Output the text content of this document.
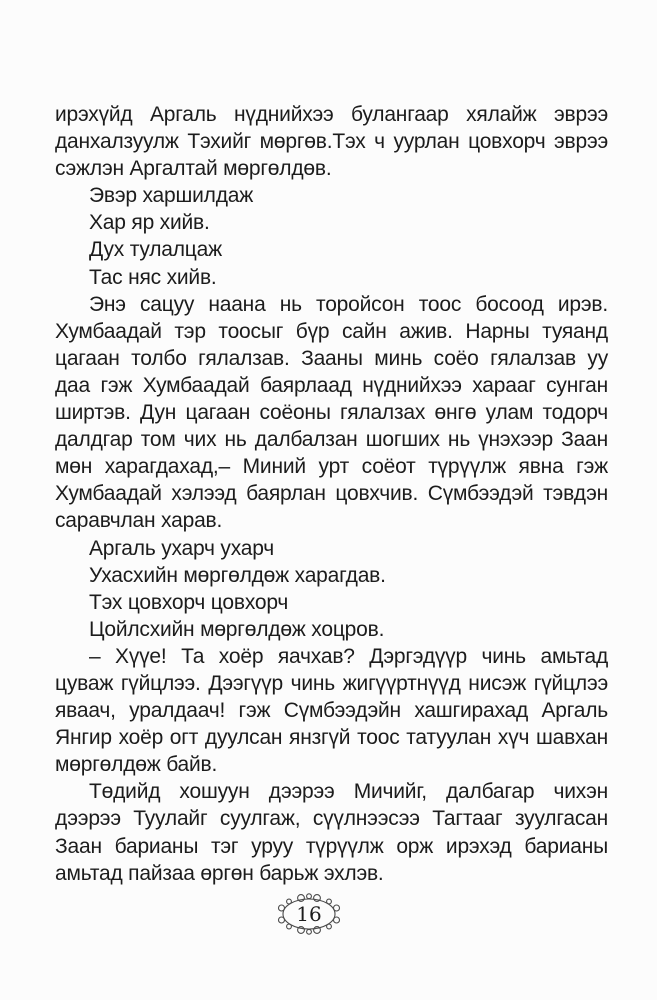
ирэхүйд Аргаль нүднийхээ булангаар хялайж эврээ
данхалзуулж Тэхийг мөргөв.Тэх ч уурлан цовхорч эврээ
сэжлэн Аргалтай мөргөлдөв.
Эвэр харшилдаж
Хар яр хийв.
Дух тулалцаж
Тас няс хийв.
Энэ сацуу наана нь торойсон тоос босоод ирэв.
Хумбаадай тэр тоосыг бүр сайн ажив. Нарны туяанд
цагаан толбо гялалзав. Зааны минь соёо гялалзав уу
даа гэж Хумбаадай баярлаад нүднийхээ харааг сунган
ширтэв. Дун цагаан соёоны гялалзах өнгө улам тодорч
далдгар том чих нь далбалзан шогших нь үнэхээр Заан
мөн харагдахад,– Миний урт соёот түрүүлж явна гэж
Хумбаадай хэлээд баярлан цовхчив. Сүмбээдэй тэвдэн
саравчлан харав.
Аргаль ухарч ухарч
Ухасхийн мөргөлдөж харагдав.
Тэх цовхорч цовхорч
Цойлсхийн мөргөлдөж хоцров.
– Хүүе! Та хоёр яачхав? Дэргэдүүр чинь амьтад
цуваж гүйцлээ. Дээгүүр чинь жигүүртнүүд нисэж гүйцлээ
яваач, уралдаач! гэж Сүмбээдэйн хашгирахад Аргаль
Янгир хоёр огт дуулсан янзгүй тоос татуулан хүч шавхан
мөргөлдөж байв.
Төдийд хошуун дээрээ Мичийг, далбагар чихэн
дээрээ Туулайг суулгаж, сүүлнээсээ Тагтааг зуулгасан
Заан барианы тэг уруу түрүүлж орж ирэхэд барианы
амьтад пайзаа өргөн барьж эхлэв.
16
